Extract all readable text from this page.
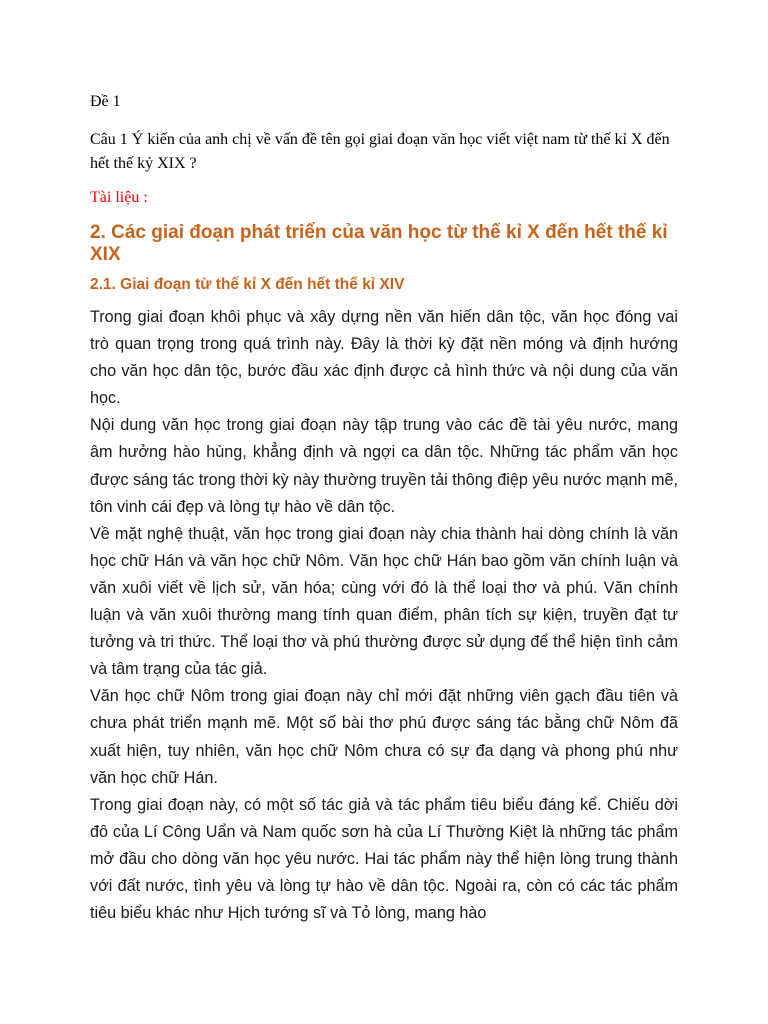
Đề 1

Câu 1 Ý kiến của anh chị về vấn đề tên gọi giai đoạn văn học viết việt nam từ thế kỉ X đến hết thế kỷ XIX ?

Tài liệu :

2. Các giai đoạn phát triển của văn học từ thế kỉ X đến hết thế kỉ XIX
2.1. Giai đoạn từ thế kỉ X đến hết thế kỉ XIV

Trong giai đoạn khôi phục và xây dựng nền văn hiến dân tộc, văn học đóng vai trò quan trọng trong quá trình này. Đây là thời kỳ đặt nền móng và định hướng cho văn học dân tộc, bước đầu xác định được cả hình thức và nội dung của văn học.

Nội dung văn học trong giai đoạn này tập trung vào các đề tài yêu nước, mang âm hưởng hào hùng, khẳng định và ngợi ca dân tộc. Những tác phẩm văn học được sáng tác trong thời kỳ này thường truyền tải thông điệp yêu nước mạnh mẽ, tôn vinh cái đẹp và lòng tự hào về dân tộc.

Về mặt nghệ thuật, văn học trong giai đoạn này chia thành hai dòng chính là văn học chữ Hán và văn học chữ Nôm. Văn học chữ Hán bao gồm văn chính luận và văn xuôi viết về lịch sử, văn hóa; cùng với đó là thể loại thơ và phú. Văn chính luận và văn xuôi thường mang tính quan điểm, phân tích sự kiện, truyền đạt tư tưởng và tri thức. Thể loại thơ và phú thường được sử dụng để thể hiện tình cảm và tâm trạng của tác giả.

Văn học chữ Nôm trong giai đoạn này chỉ mới đặt những viên gạch đầu tiên và chưa phát triển mạnh mẽ. Một số bài thơ phú được sáng tác bằng chữ Nôm đã xuất hiện, tuy nhiên, văn học chữ Nôm chưa có sự đa dạng và phong phú như văn học chữ Hán.

Trong giai đoạn này, có một số tác giả và tác phẩm tiêu biểu đáng kể. Chiếu dời đô của Lí Công Uẩn và Nam quốc sơn hà của Lí Thường Kiệt là những tác phẩm mở đầu cho dòng văn học yêu nước. Hai tác phẩm này thể hiện lòng trung thành với đất nước, tình yêu và lòng tự hào về dân tộc. Ngoài ra, còn có các tác phẩm tiêu biểu khác như Hịch tướng sĩ và Tỏ lòng, mang hào
